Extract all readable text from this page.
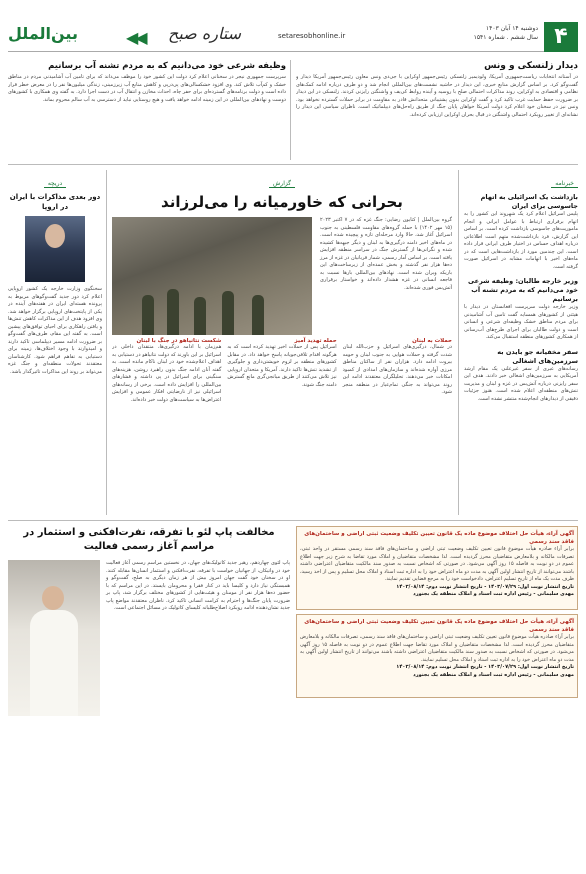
۴
دوشنبه ۱۴ آبان ۱۴۰۳
سال ششم . شماره ۱۵۴۱
setaresobhonline.ir
ستاره صبح
◀◀
بین‌الملل
دیدار زلنسکی و ونس
در آستانه انتخابات ریاست‌جمهوری آمریکا، ولودیمیر زلنسکی رئیس‌جمهور اوکراین با جی‌دی ونس معاون رئیس‌جمهور آمریکا دیدار و گفت‌وگو کرد. بر اساس گزارش منابع خبری، این دیدار در حاشیه نشست‌های بین‌المللی انجام شد و دو طرف درباره ادامه کمک‌های نظامی و اقتصادی به اوکراین، روند مذاکرات احتمالی صلح با روسیه و آینده روابط کی‌یف و واشنگتن رایزنی کردند. زلنسکی در این دیدار بر ضرورت حفظ حمایت غرب تاکید کرد و گفت اوکراین بدون پشتیبانی متحدانش قادر به مقاومت در برابر حملات گسترده نخواهد بود. ونس نیز در سخنان خود اعلام کرد دولت آمریکا خواهان پایان جنگ از طریق راه‌حل‌های دیپلماتیک است. ناظران سیاسی این دیدار را نشانه‌ای از تغییر رویکرد احتمالی واشنگتن در قبال بحران اوکراین ارزیابی کرده‌اند.
وظیفه شرعی خود می‌دانیم که به مردم تشنه آب برسانیم
سرپرست جمهوری نیجر در سخنانی اعلام کرد دولت این کشور خود را موظف می‌داند که برای تامین آب آشامیدنی مردم در مناطق خشک و کم‌آب تلاش کند. وی افزود خشکسالی‌های پی‌درپی و کاهش منابع آب زیرزمینی، زندگی میلیون‌ها نفر را در معرض خطر قرار داده است و دولت برنامه‌های گسترده‌ای برای حفر چاه، احداث مخازن و انتقال آب در دست اجرا دارد. به گفته وی همکاری با کشورهای دوست و نهادهای بین‌المللی در این زمینه ادامه خواهد یافت و هیچ روستایی نباید از دسترسی به آب سالم محروم بماند.
خبرنامه
بازداشت یک اسرائیلی به اتهام جاسوسی برای ایران
پلیس اسرائیل اعلام کرد یک شهروند این کشور را به اتهام برقراری ارتباط با عوامل ایرانی و انجام ماموریت‌های جاسوسی بازداشت کرده است. بر اساس این گزارش، فرد بازداشت‌شده متهم است اطلاعاتی درباره اهداف حساس در اختیار طرف ایرانی قرار داده است. این چندمین مورد از بازداشت‌هایی است که در ماه‌های اخیر با اتهامات مشابه در اسرائیل صورت گرفته است.
وزیر خارجه طالبان: وظیفه شرعی خود می‌دانیم که به مردم تشنه آب برسانیم
وزیر خارجه دولت سرپرست افغانستان در دیدار با هیئتی از کشورهای همسایه گفت تامین آب آشامیدنی برای مردم مناطق خشک وظیفه‌ای شرعی و انسانی است و دولت طالبان برای اجرای طرح‌های آب‌رسانی از همکاری کشورهای منطقه استقبال می‌کند.
سفر مخفیانه جو بایدن به سرزمین‌های اشغالی
رسانه‌های عبری از سفر غیرعلنی یک مقام ارشد آمریکایی به سرزمین‌های اشغالی خبر دادند. هدف این سفر رایزنی درباره آتش‌بس در غزه و لبنان و مدیریت تنش‌های منطقه‌ای اعلام شده است. هنوز جزئیات دقیقی از دیدارهای انجام‌شده منتشر نشده است.
گزارش
بحرانی که خاورمیانه را می‌لرزاند
گروه بین‌الملل | کتایون رضایی: جنگ غزه که در ۷ اکتبر ۲۰۲۳ (۱۵ مهر ۱۴۰۲) با حمله گروه‌های مقاومت فلسطینی به جنوب اسرائیل آغاز شد، حالا وارد مرحله‌ای تازه و پیچیده شده است. در ماه‌های اخیر دامنه درگیری‌ها به لبنان و دیگر جبهه‌ها کشیده شده و نگرانی‌ها از گسترش جنگ در سراسر منطقه افزایش یافته است. بر اساس آمار رسمی، شمار قربانیان در غزه از مرز ده‌ها هزار نفر گذشته و بخش عمده‌ای از زیرساخت‌های این باریکه ویران شده است. نهادهای بین‌المللی بارها نسبت به فاجعه انسانی در غزه هشدار داده‌اند و خواستار برقراری آتش‌بس فوری شده‌اند.
حملات به لبنان
در شمال، درگیری‌های اسرائیل و حزب‌الله لبنان شدت گرفته و حملات هوایی به جنوب لبنان و حومه بیروت ادامه دارد. هزاران نفر از ساکنان مناطق مرزی آواره شده‌اند و سازمان‌های امدادی از کمبود امکانات خبر می‌دهند. تحلیلگران معتقدند ادامه این روند می‌تواند به جنگی تمام‌عیار در منطقه منجر شود.
حمله تهدید آمیز
اسرائیل پس از حملات اخیر تهدید کرده است که به هرگونه اقدام تلافی‌جویانه پاسخ خواهد داد. در مقابل کشورهای منطقه بر لزوم خویشتن‌داری و جلوگیری از تشدید تنش‌ها تاکید دارند. آمریکا و متحدان اروپایی نیز تلاش می‌کنند از طریق میانجی‌گری مانع گسترش دامنه جنگ شوند.
شکست نتانیاهو در جنگ با لبنان
هم‌زمان با ادامه درگیری‌ها، منتقدان داخلی در اسرائیل بر این باورند که دولت نتانیاهو در دستیابی به اهداف اعلام‌شده خود در لبنان ناکام مانده است. به گفته آنان ادامه جنگ بدون راهبرد روشن، هزینه‌های سنگینی برای اسرائیل در پی داشته و فشارهای بین‌المللی را افزایش داده است. برخی از رسانه‌های اسرائیلی نیز از نارضایتی افکار عمومی و افزایش اعتراض‌ها به سیاست‌های دولت خبر داده‌اند.
دریچه
دور بعدی مذاکرات با ایران در اروپا
سخنگوی وزارت خارجه یک کشور اروپایی اعلام کرد دور جدید گفت‌وگوهای مربوط به پرونده هسته‌ای ایران در هفته‌های آینده در یکی از پایتخت‌های اروپایی برگزار خواهد شد. وی افزود هدف از این مذاکرات کاهش تنش‌ها و یافتن راهکاری برای احیای توافق‌های پیشین است. به گفته این مقام، طرف‌های گفت‌وگو بر ضرورت ادامه مسیر دیپلماسی تاکید دارند و امیدوارند با وجود اختلاف‌ها، زمینه برای دستیابی به تفاهم فراهم شود. کارشناسان معتقدند تحولات منطقه‌ای و جنگ غزه می‌تواند بر روند این مذاکرات تاثیرگذار باشد.
آگهی آراء، هیأت حل اختلاف موضوع ماده یک قانون تعیین تکلیف وضعیت ثبتی اراضی و ساختمان‌های فاقد سند رسمی
برابر آراء صادره هیأت موضوع قانون تعیین تکلیف وضعیت ثبتی اراضی و ساختمان‌های فاقد سند رسمی مستقر در واحد ثبتی، تصرفات مالکانه و بلامعارض متقاضیان محرز گردیده است. لذا مشخصات متقاضیان و املاک مورد تقاضا به شرح زیر جهت اطلاع عموم در دو نوبت به فاصله ۱۵ روز آگهی می‌شود. در صورتی که اشخاص نسبت به صدور سند مالکیت متقاضیان اعتراضی داشته باشند می‌توانند از تاریخ انتشار اولین آگهی به مدت دو ماه اعتراض خود را به اداره ثبت اسناد و املاک محل تسلیم و پس از اخذ رسید، ظرف مدت یک ماه از تاریخ تسلیم اعتراض، دادخواست خود را به مرجع قضایی تقدیم نمایند.
تاریخ انتشار نوبت اول: ۱۴۰۳/۰۷/۲۹ - تاریخ انتشار نوبت دوم: ۱۴۰۳/۰۸/۱۴
مهدی سلیمانی - رئیس اداره ثبت اسناد و املاک منطقه یک بجنورد
آگهی آراء، هیأت حل اختلاف موضوع ماده یک قانون تعیین تکلیف وضعیت ثبتی اراضی و ساختمان‌های فاقد سند رسمی
برابر آراء صادره هیأت موضوع قانون تعیین تکلیف وضعیت ثبتی اراضی و ساختمان‌های فاقد سند رسمی، تصرفات مالکانه و بلامعارض متقاضیان محرز گردیده است. لذا مشخصات متقاضیان و املاک مورد تقاضا جهت اطلاع عموم در دو نوبت به فاصله ۱۵ روز آگهی می‌شود. در صورتی که اشخاص نسبت به صدور سند مالکیت متقاضیان اعتراضی داشته باشند می‌توانند از تاریخ انتشار اولین آگهی به مدت دو ماه اعتراض خود را به اداره ثبت اسناد و املاک محل تسلیم نمایند.
تاریخ انتشار نوبت اول: ۱۴۰۳/۰۷/۲۹ - تاریخ انتشار نوبت دوم: ۱۴۰۳/۰۸/۱۴
مهدی سلیمانی - رئیس اداره ثبت اسناد و املاک منطقه یک بجنورد
مخالفت پاپ لئو با تفرقه، نفرت‌افکنی و استثمار در مراسم آغاز رسمی فعالیت
پاپ لئوی چهاردهم، رهبر جدید کاتولیک‌های جهان، در نخستین مراسم رسمی آغاز فعالیت خود در واتیکان، از جهانیان خواست با تفرقه، نفرت‌افکنی و استثمار انسان‌ها مقابله کنند. او در سخنان خود گفت جهان امروز بیش از هر زمان دیگری به صلح، گفت‌وگو و همبستگی نیاز دارد و کلیسا باید در کنار فقرا و محرومان بایستد. در این مراسم که با حضور ده‌ها هزار نفر از مومنان و هیئت‌هایی از کشورهای مختلف برگزار شد، پاپ بر ضرورت پایان جنگ‌ها و احترام به کرامت انسانی تاکید کرد. ناظران معتقدند مواضع پاپ جدید نشان‌دهنده ادامه رویکرد اصلاح‌طلبانه کلیسای کاتولیک در مسائل اجتماعی است.
